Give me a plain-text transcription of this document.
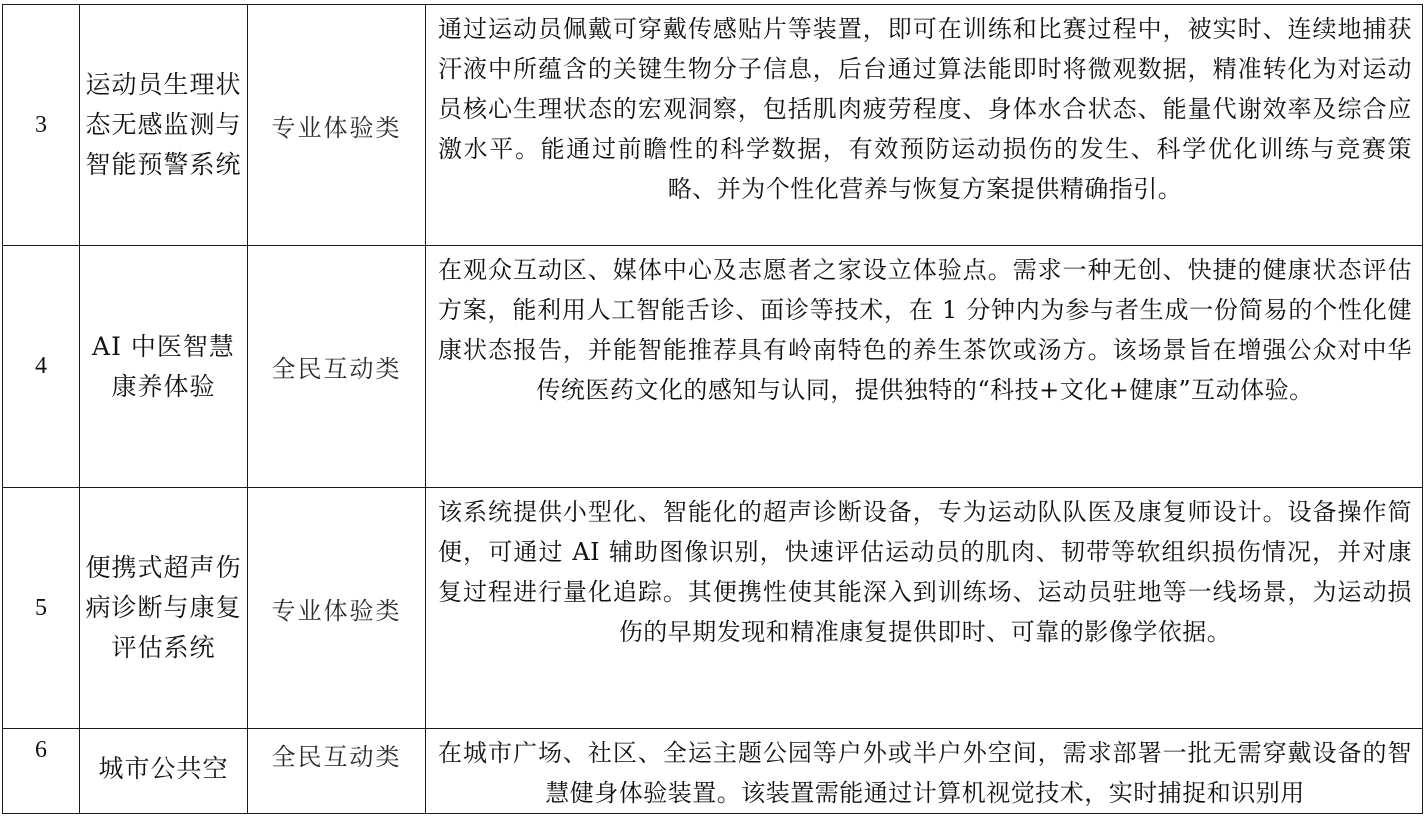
3	运动员生理状态无感监测与智能预警系统	专业体验类	通过运动员佩戴可穿戴传感贴片等装置，即可在训练和比赛过程中，被实时、连续地捕获汗液中所蕴含的关键生物分子信息，后台通过算法能即时将微观数据，精准转化为对运动员核心生理状态的宏观洞察，包括肌肉疲劳程度、身体水合状态、能量代谢效率及综合应激水平。能通过前瞻性的科学数据，有效预防运动损伤的发生、科学优化训练与竞赛策略、并为个性化营养与恢复方案提供精确指引。
4	AI 中医智慧康养体验	全民互动类	在观众互动区、媒体中心及志愿者之家设立体验点。需求一种无创、快捷的健康状态评估方案，能利用人工智能舌诊、面诊等技术，在 1 分钟内为参与者生成一份简易的个性化健康状态报告，并能智能推荐具有岭南特色的养生茶饮或汤方。该场景旨在增强公众对中华传统医药文化的感知与认同，提供独特的“科技+文化+健康”互动体验。
5	便携式超声伤病诊断与康复评估系统	专业体验类	该系统提供小型化、智能化的超声诊断设备，专为运动队队医及康复师设计。设备操作简便，可通过 AI 辅助图像识别，快速评估运动员的肌肉、韧带等软组织损伤情况，并对康复过程进行量化追踪。其便携性使其能深入到训练场、运动员驻地等一线场景，为运动损伤的早期发现和精准康复提供即时、可靠的影像学依据。
6	城市公共空	全民互动类	在城市广场、社区、全运主题公园等户外或半户外空间，需求部署一批无需穿戴设备的智慧健身体验装置。该装置需能通过计算机视觉技术，实时捕捉和识别用
